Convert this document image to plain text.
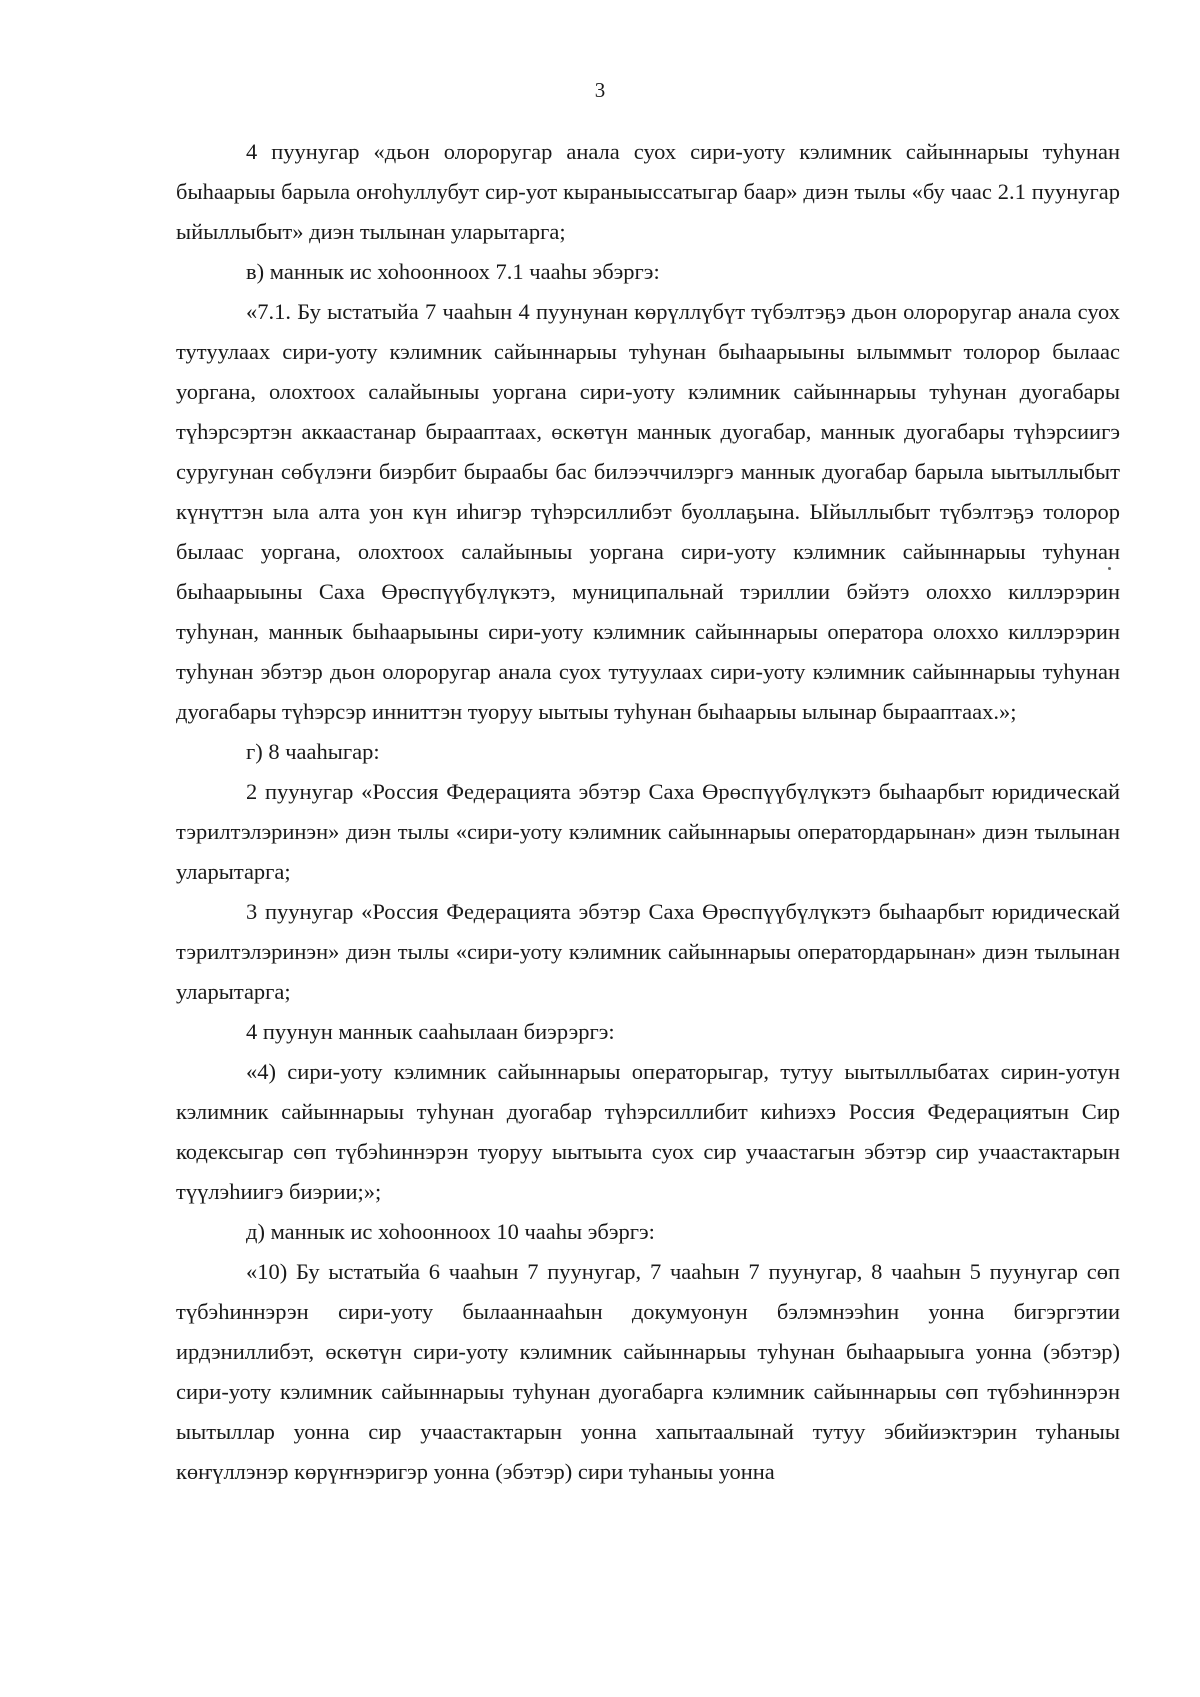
3

4 пуунугар «дьон олороругар анала суох сири-уоту кэлимник сайыннарыы туһунан быһаарыы барыла оҥоһуллубут сир-уот кыраныыссатыгар баар» диэн тылы «бу чаас 2.1 пуунугар ыйыллыбыт» диэн тылынан уларытарга;

в) маннык ис хоһоонноох 7.1 чааһы эбэргэ:

«7.1. Бу ыстатыйа 7 чааһын 4 пуунунан көрүллүбүт түбэлтэҕэ дьон олороругар анала суох тутуулаах сири-уоту кэлимник сайыннарыы туһунан быһаарыыны ылыммыт толорор былаас уоргана, олохтоох салайыныы уоргана сири-уоту кэлимник сайыннарыы туһунан дуогабары түһэрсэртэн аккаастанар бырааптаах, өскөтүн маннык дуогабар, маннык дуогабары түһэрсиигэ суругунан сөбүлэҥи биэрбит быраабы бас билээччилэргэ маннык дуогабар барыла ыытыллыбыт күнүттэн ыла алта уон күн иһигэр түһэрсиллибэт буоллаҕына. Ыйыллыбыт түбэлтэҕэ толорор былаас уоргана, олохтоох салайыныы уоргана сири-уоту кэлимник сайыннарыы туһунан быһаарыыны Саха Өрөспүүбүлүкэтэ, муниципальнай тэриллии бэйэтэ олоххо киллэрэрин туһунан, маннык быһаарыыны сири-уоту кэлимник сайыннарыы оператора олоххо киллэрэрин туһунан эбэтэр дьон олороругар анала суох тутуулаах сири-уоту кэлимник сайыннарыы туһунан дуогабары түһэрсэр инниттэн туоруу ыытыы туһунан быһаарыы ылынар бырааптаах.»;

г) 8 чааһыгар:

2 пуунугар «Россия Федерацията эбэтэр Саха Өрөспүүбүлүкэтэ быһаарбыт юридическай тэрилтэлэринэн» диэн тылы «сири-уоту кэлимник сайыннарыы оператордарынан» диэн тылынан уларытарга;

3 пуунугар «Россия Федерацията эбэтэр Саха Өрөспүүбүлүкэтэ быһаарбыт юридическай тэрилтэлэринэн» диэн тылы «сири-уоту кэлимник сайыннарыы оператордарынан» диэн тылынан уларытарга;

4 пуунун маннык сааһылаан биэрэргэ:

«4) сири-уоту кэлимник сайыннарыы операторыгар, тутуу ыытыллыбатах сирин-уотун кэлимник сайыннарыы туһунан дуогабар түһэрсиллибит киһиэхэ Россия Федерациятын Сир кодексыгар сөп түбэһиннэрэн туоруу ыытыыта суох сир учаастагын эбэтэр сир учаастактарын түүлэһиигэ биэрии;»;

д) маннык ис хоһоонноох 10 чааһы эбэргэ:

«10) Бу ыстатыйа 6 чааһын 7 пуунугар, 7 чааһын 7 пуунугар, 8 чааһын 5 пуунугар сөп түбэһиннэрэн сири-уоту былааннааһын докумуонун бэлэмнээһин уонна бигэргэтии ирдэниллибэт, өскөтүн сири-уоту кэлимник сайыннарыы туһунан быһаарыыга уонна (эбэтэр) сири-уоту кэлимник сайыннарыы туһунан дуогабарга кэлимник сайыннарыы сөп түбэһиннэрэн ыытыллар уонна сир учаастактарын уонна хапытаалынай тутуу эбийиэктэрин туһаныы көҥүллэнэр көрүҥнэригэр уонна (эбэтэр) сири туһаныы уонна
